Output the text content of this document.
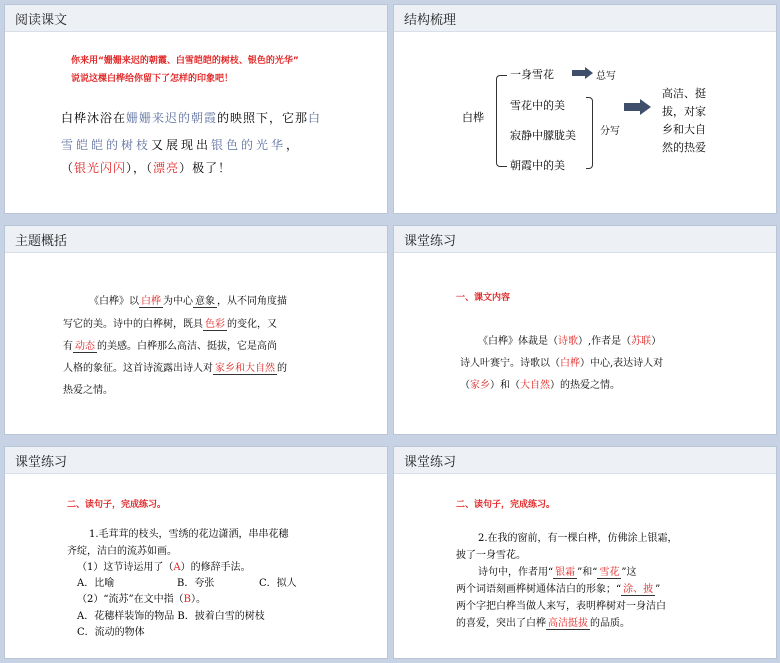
阅读课文
你来用“姗姗来迟的朝霞、白雪皑皑的树枝、银色的光华”
说说这棵白桦给你留下了怎样的印象吧！
白桦沐浴在姗姗来迟的朝霞的映照下，它那白
雪皑皑的树枝又展现出银色的光华，
（银光闪闪），（漂亮）极了！
结构梳理
白桦
一身雪花	总写
雪花中的美
寂静中朦胧美
朝霞中的美
分写
高洁、挺
拔，对家
乡和大自
然的热爱
主题概括
《白桦》以 白桦 为中心 意象 ，从不同角度描
写它的美。诗中的白桦树，既具 色彩 的变化，又
有 动态 的美感。白桦那么高洁、挺拔，它是高尚
人格的象征。这首诗流露出诗人对 家乡和大自然 的
热爱之情。
课堂练习
一、课文内容
《白桦》体裁是（诗歌）,作者是（苏联）
诗人叶赛宁。诗歌以（白桦）中心,表达诗人对
（家乡）和（大自然）的热爱之情。
课堂练习
二、读句子，完成练习。
1.毛茸茸的枝头，雪绣的花边潇洒，串串花穗
齐绽，洁白的流苏如画。
（1）这节诗运用了（A）的修辞手法。
A．比喻	B．夸张	C．拟人
（2）“流苏”在文中指（B）。
A．花穗样装饰的物品 B．披着白雪的树枝
C．流动的物体
课堂练习
二、读句子，完成练习。
2.在我的窗前，有一棵白桦，仿佛涂上银霜，
披了一身雪花。
诗句中，作者用“ 银霜 ”和“ 雪花 ”这
两个词语刻画桦树通体洁白的形象；“ 涂、披 ”
两个字把白桦当做人来写，表明桦树对一身洁白
的喜爱，突出了白桦 高洁挺拔 的品质。
